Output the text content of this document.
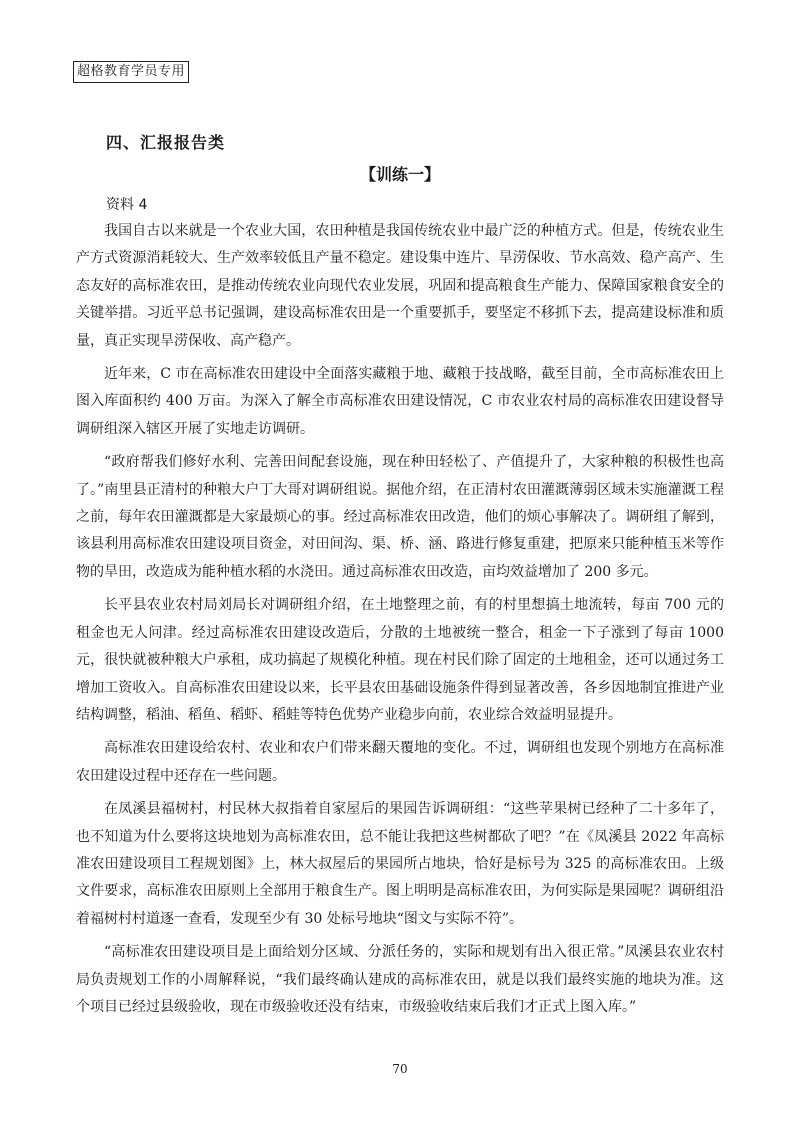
超格教育学员专用
四、汇报报告类
【训练一】
资料 4

我国自古以来就是一个农业大国，农田种植是我国传统农业中最广泛的种植方式。但是，传统农业生产方式资源消耗较大、生产效率较低且产量不稳定。建设集中连片、旱涝保收、节水高效、稳产高产、生态友好的高标准农田，是推动传统农业向现代农业发展，巩固和提高粮食生产能力、保障国家粮食安全的关键举措。习近平总书记强调，建设高标准农田是一个重要抓手，要坚定不移抓下去，提高建设标准和质量，真正实现旱涝保收、高产稳产。

近年来，C 市在高标准农田建设中全面落实藏粮于地、藏粮于技战略，截至目前，全市高标准农田上图入库面积约 400 万亩。为深入了解全市高标准农田建设情况，C 市农业农村局的高标准农田建设督导调研组深入辖区开展了实地走访调研。

“政府帮我们修好水利、完善田间配套设施，现在种田轻松了、产值提升了，大家种粮的积极性也高了。”南里县正清村的种粮大户丁大哥对调研组说。据他介绍，在正清村农田灌溉薄弱区域未实施灌溉工程之前，每年农田灌溉都是大家最烦心的事。经过高标准农田改造，他们的烦心事解决了。调研组了解到，该县利用高标准农田建设项目资金，对田间沟、渠、桥、涵、路进行修复重建，把原来只能种植玉米等作物的旱田，改造成为能种植水稻的水浇田。通过高标准农田改造，亩均效益增加了 200 多元。

长平县农业农村局刘局长对调研组介绍，在土地整理之前，有的村里想搞土地流转，每亩 700 元的租金也无人问津。经过高标准农田建设改造后，分散的土地被统一整合，租金一下子涨到了每亩 1000 元，很快就被种粮大户承租，成功搞起了规模化种植。现在村民们除了固定的土地租金，还可以通过务工增加工资收入。自高标准农田建设以来，长平县农田基础设施条件得到显著改善，各乡因地制宜推进产业结构调整，稻油、稻鱼、稻虾、稻蛙等特色优势产业稳步向前，农业综合效益明显提升。

高标准农田建设给农村、农业和农户们带来翻天覆地的变化。不过，调研组也发现个别地方在高标准农田建设过程中还存在一些问题。

在凤溪县福树村，村民林大叔指着自家屋后的果园告诉调研组：“这些苹果树已经种了二十多年了，也不知道为什么要将这块地划为高标准农田，总不能让我把这些树都砍了吧？”在《凤溪县 2022 年高标准农田建设项目工程规划图》上，林大叔屋后的果园所占地块，恰好是标号为 325 的高标准农田。上级文件要求，高标准农田原则上全部用于粮食生产。图上明明是高标准农田，为何实际是果园呢？调研组沿着福树村村道逐一查看，发现至少有 30 处标号地块“图文与实际不符”。

“高标准农田建设项目是上面给划分区域、分派任务的，实际和规划有出入很正常。”凤溪县农业农村局负责规划工作的小周解释说，“我们最终确认建成的高标准农田，就是以我们最终实施的地块为准。这个项目已经过县级验收，现在市级验收还没有结束，市级验收结束后我们才正式上图入库。”

70
